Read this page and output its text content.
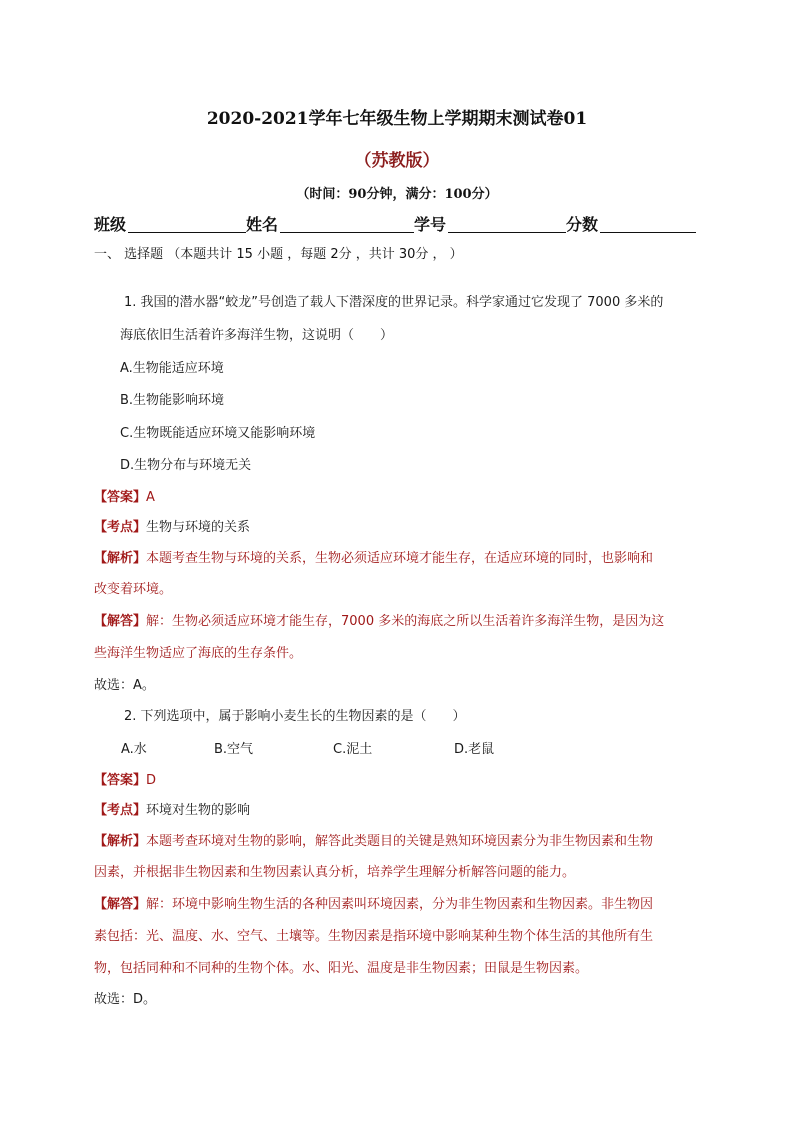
2020-2021学年七年级生物上学期期末测试卷01
（苏教版）
（时间：90分钟，满分：100分）
班级	姓名	学号	分数
一、 选择题 （本题共计 15 小题 ，每题 2分 ，共计 30分 ， ）
1. 我国的潜水器“蛟龙”号创造了载人下潜深度的世界记录。科学家通过它发现了 7000 多米的
海底依旧生活着许多海洋生物，这说明（　　）
A.生物能适应环境
B.生物能影响环境
C.生物既能适应环境又能影响环境
D.生物分布与环境无关
【答案】A
【考点】生物与环境的关系
【解析】本题考查生物与环境的关系，生物必须适应环境才能生存，在适应环境的同时，也影响和
改变着环境。
【解答】解：生物必须适应环境才能生存，7000 多米的海底之所以生活着许多海洋生物，是因为这
些海洋生物适应了海底的生存条件。
故选：A。
2. 下列选项中，属于影响小麦生长的生物因素的是（　　）
A.水	B.空气	C.泥土	D.老鼠
【答案】D
【考点】环境对生物的影响
【解析】本题考查环境对生物的影响，解答此类题目的关键是熟知环境因素分为非生物因素和生物
因素，并根据非生物因素和生物因素认真分析，培养学生理解分析解答问题的能力。
【解答】解：环境中影响生物生活的各种因素叫环境因素，分为非生物因素和生物因素。非生物因
素包括：光、温度、水、空气、土壤等。生物因素是指环境中影响某种生物个体生活的其他所有生
物，包括同种和不同种的生物个体。水、阳光、温度是非生物因素；田鼠是生物因素。
故选：D。
